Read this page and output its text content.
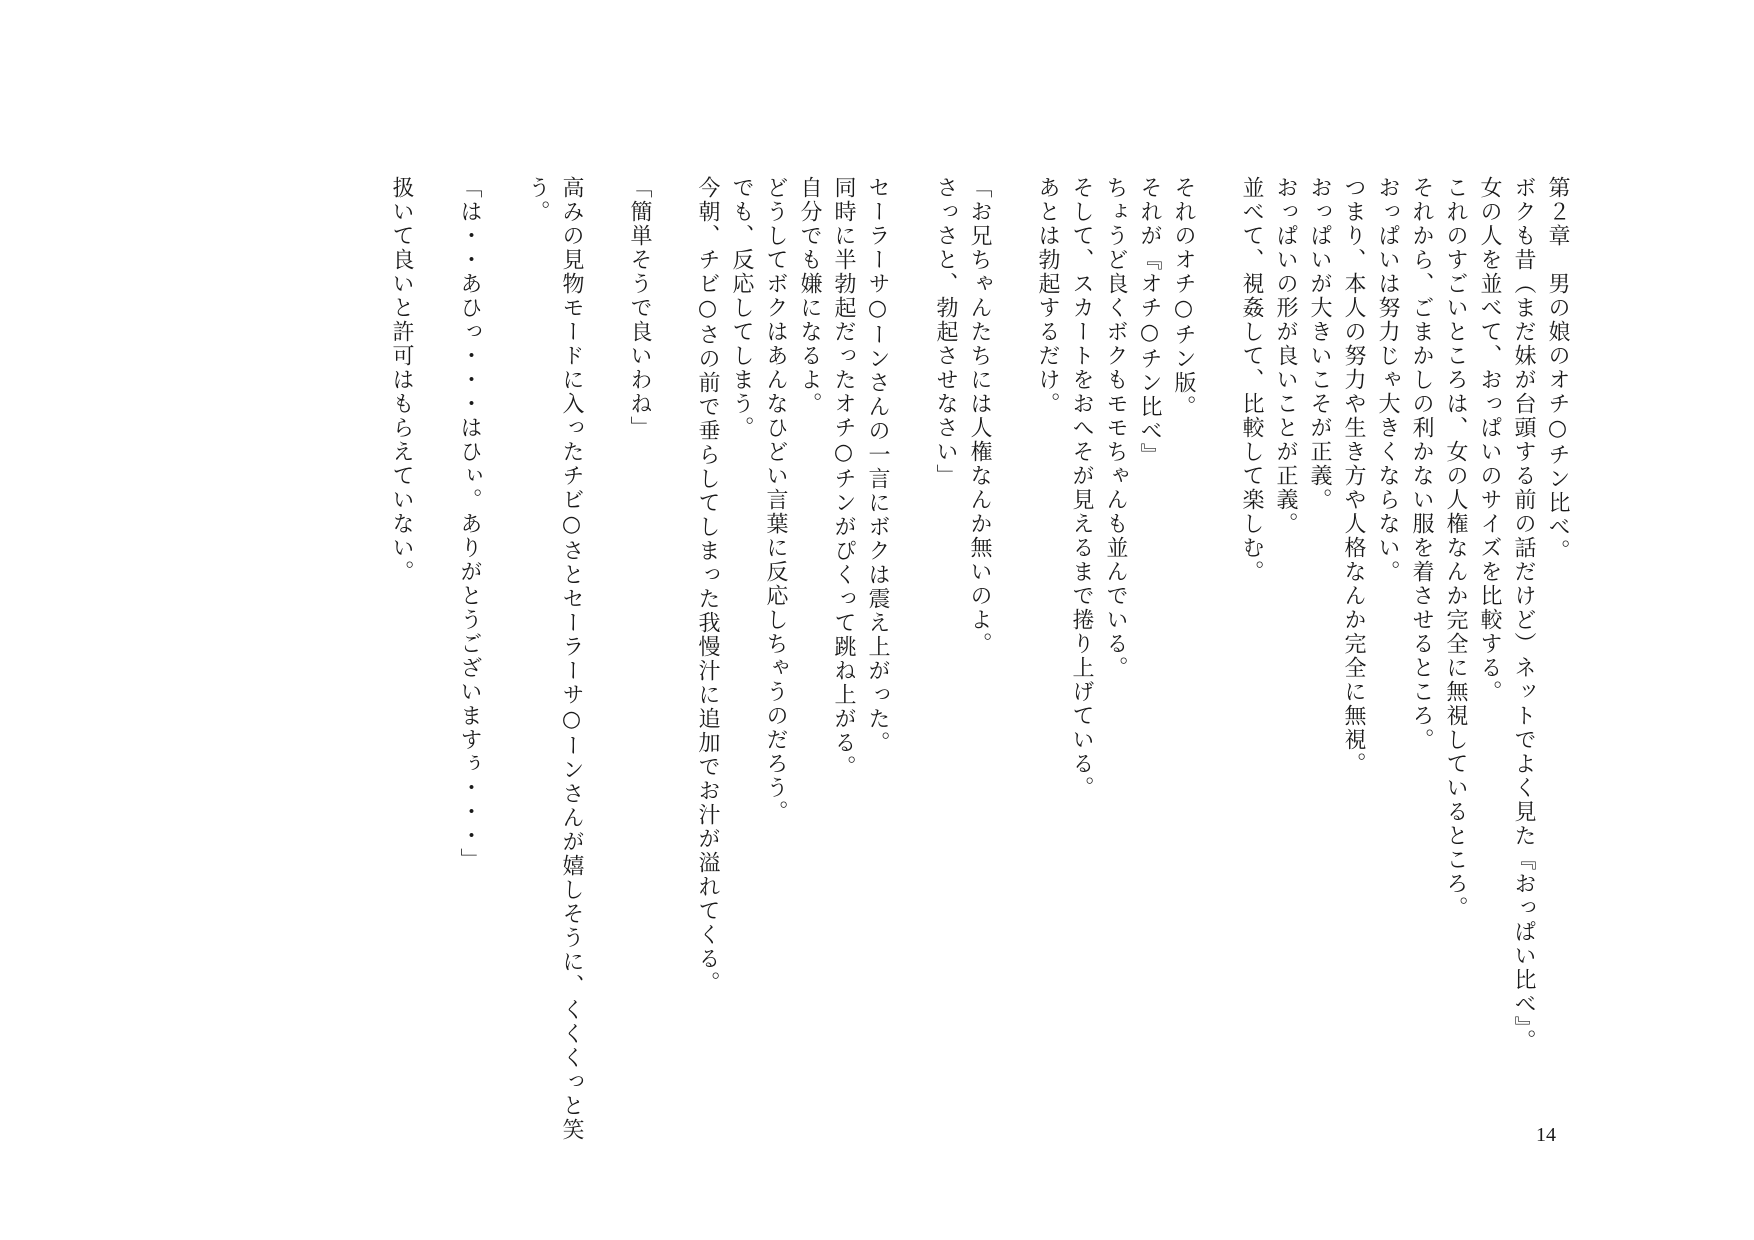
第２章　男の娘のオチ○チン比べ。
ボクも昔（まだ妹が台頭する前の話だけど）ネットでよく見た『おっぱい比べ』。
女の人を並べて、おっぱいのサイズを比較する。
これのすごいところは、女の人権なんか完全に無視しているところ。
それから、ごまかしの利かない服を着させるところ。
おっぱいは努力じゃ大きくならない。
つまり、本人の努力や生き方や人格なんか完全に無視。
おっぱいが大きいこそが正義。
おっぱいの形が良いことが正義。
並べて、視姦して、比較して楽しむ。
それのオチ○チン版。
それが『オチ○チン比べ』
ちょうど良くボクもモモちゃんも並んでいる。
そして、スカートをおへそが見えるまで捲り上げている。
あとは勃起するだけ。
「お兄ちゃんたちには人権なんか無いのよ。
さっさと、勃起させなさい」
セーラーサ○ーンさんの一言にボクは震え上がった。
同時に半勃起だったオチ○チンがぴくって跳ね上がる。
自分でも嫌になるよ。
どうしてボクはあんなひどい言葉に反応しちゃうのだろう。
でも、反応してしまう。
今朝、チビ○さの前で垂らしてしまった我慢汁に追加でお汁が溢れてくる。
「簡単そうで良いわね」
高みの見物モードに入ったチビ○さとセーラーサ○ーンさんが嬉しそうに、くくくっと笑
う。
「は・・あひっ・・・はひぃ。ありがとうございますぅ・・・」
扱いて良いと許可はもらえていない。
14
